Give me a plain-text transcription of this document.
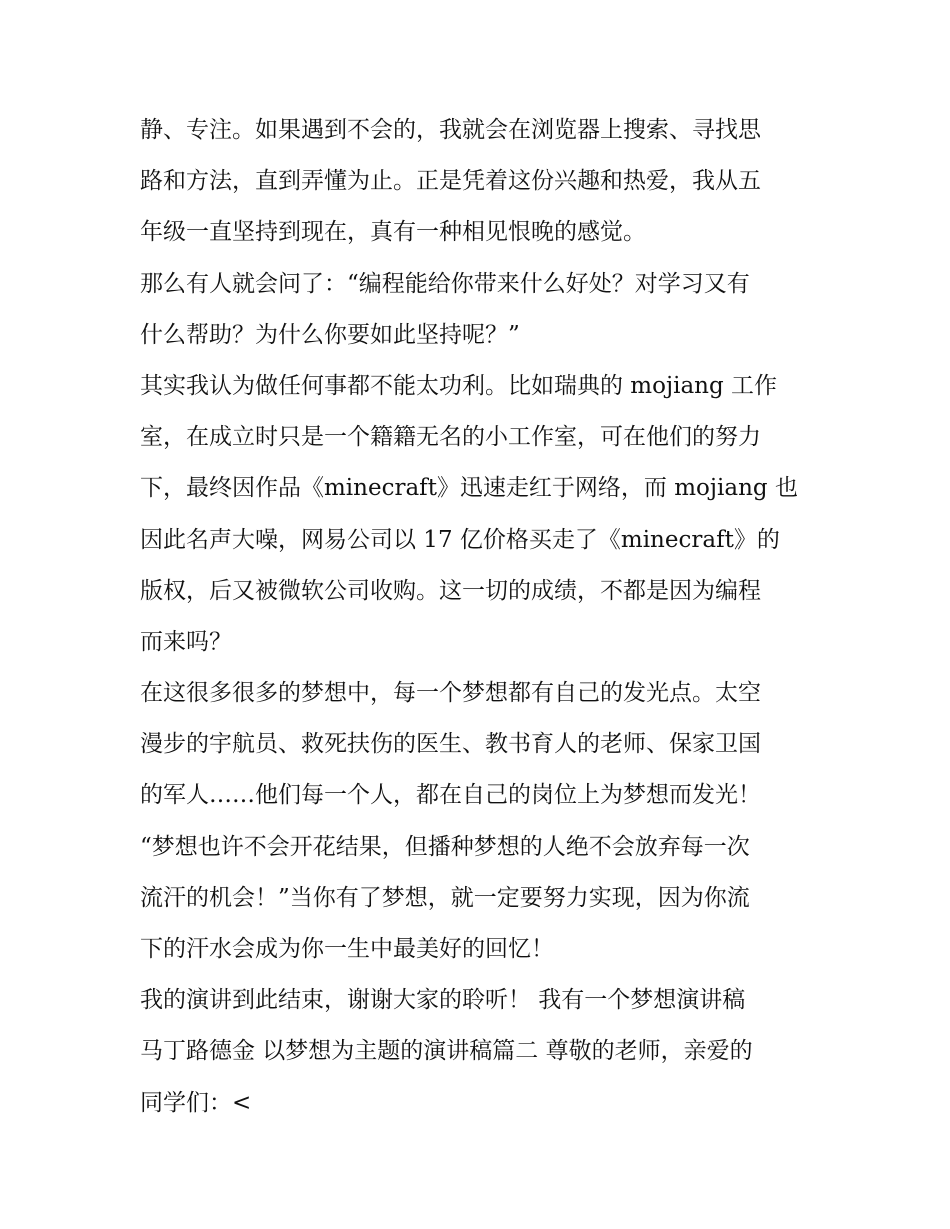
静、专注。如果遇到不会的，我就会在浏览器上搜索、寻找思
路和方法，直到弄懂为止。正是凭着这份兴趣和热爱，我从五
年级一直坚持到现在，真有一种相见恨晚的感觉。
那么有人就会问了：“编程能给你带来什么好处？对学习又有
什么帮助？为什么你要如此坚持呢？”
其实我认为做任何事都不能太功利。比如瑞典的 mojiang 工作
室，在成立时只是一个籍籍无名的小工作室，可在他们的努力
下，最终因作品《minecraft》迅速走红于网络，而 mojiang 也
因此名声大噪，网易公司以 17 亿价格买走了《minecraft》的
版权，后又被微软公司收购。这一切的成绩，不都是因为编程
而来吗？
在这很多很多的梦想中，每一个梦想都有自己的发光点。太空
漫步的宇航员、救死扶伤的医生、教书育人的老师、保家卫国
的军人……他们每一个人，都在自己的岗位上为梦想而发光！
“梦想也许不会开花结果，但播种梦想的人绝不会放弃每一次
流汗的机会！”当你有了梦想，就一定要努力实现，因为你流
下的汗水会成为你一生中最美好的回忆！
我的演讲到此结束，谢谢大家的聆听！ 我有一个梦想演讲稿
马丁路德金 以梦想为主题的演讲稿篇二 尊敬的老师，亲爱的
同学们：<
